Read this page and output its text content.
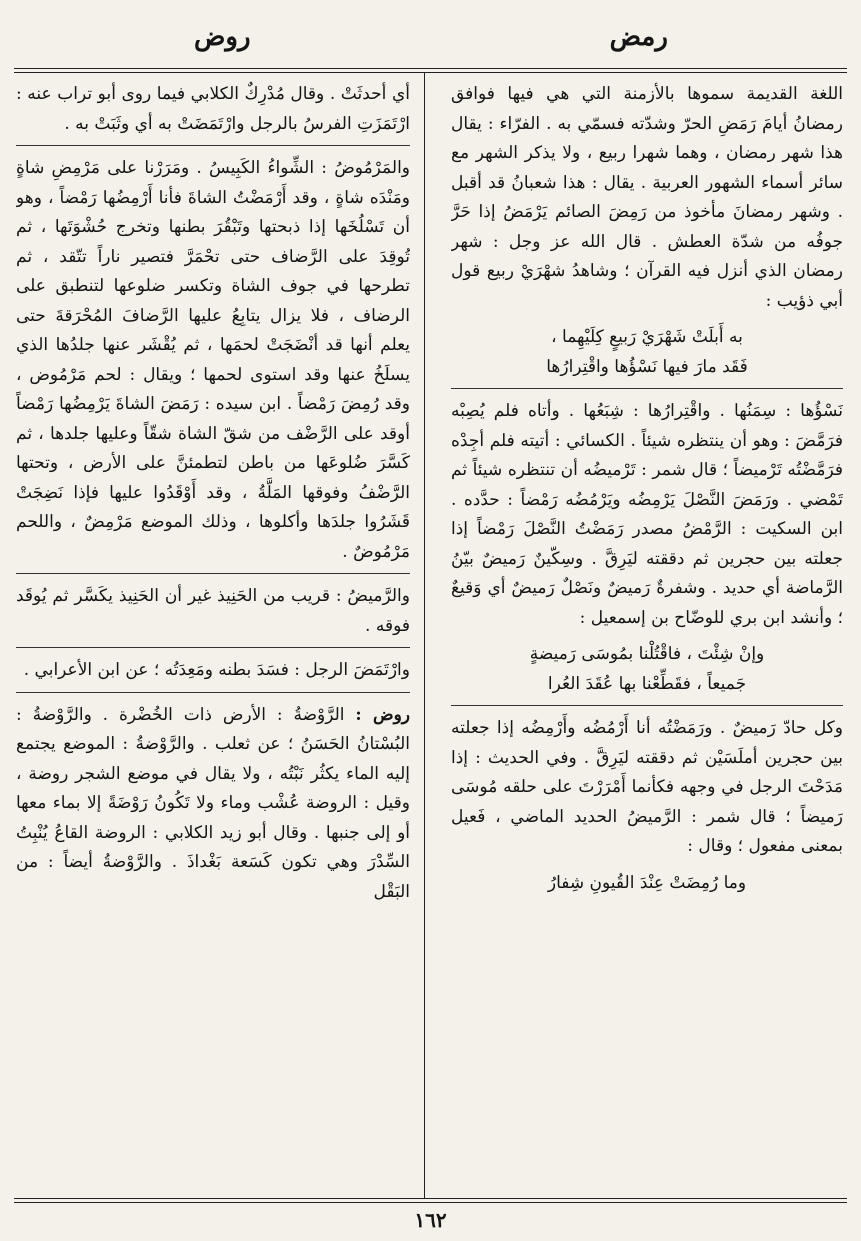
رمض
روض

اللغة القديمة سموها بالأزمنة التي هي فيها فوافق رمضانُ أيامَ رَمَضِ الحرّ وشدّته فسمّي به . الفرّاء : يقال هذا شهر رمضان ، وهما شهرا ربيع ، ولا يذكر الشهر مع سائر أسماء الشهور العربية . يقال : هذا شعبانُ قد أقبل . وشهر رمضانَ مأخوذ من رَمِضَ الصائم يَرْمَضُ إذا حَرَّ جوفُه من شدّة العطش . قال الله عز وجل : شهر رمضان الذي أنزل فيه القرآن ؛ وشاهدُ شهْرَيْ ربيع قول أبي ذؤيب :

به أَبلَتْ شَهْرَيْ رَبيعٍ كِلَيْهِما ،
فَقَد مارَ فيها نَسْؤُها واقْتِرارُها

نَسْؤُها : سِمَنُها . واقْتِرارُها : شِبَعُها . وأتاه فلم يُصِبْه فرَمَّضَ : وهو أن ينتظره شيئاً . الكسائي : أتيته فلم أجِدْه فرَمَّضْتُه تَرْميضاً ؛ قال شمر : تَرْميضُه أن تنتظره شيئاً ثم تَمْضي . ورَمَضَ النَّصْلَ يَرْمِضُه ويَرْمُضُه رَمْضاً : حدَّده . ابن السكيت : الرَّمْضُ مصدر رَمَضْتُ النَّصْلَ رَمْضاً إذا جعلته بين حجرين ثم دققته ليَرِقَّ . وسِكّينٌ رَميضٌ بيّنُ الرَّماضة أي حديد . وشفرةٌ رَميضٌ ونَصْلٌ رَميضٌ أي وَقيعٌ ؛ وأنشد ابن بري للوضّاح بن إسمعيل :

وإنْ شِئْتَ ، فاقْتُلْنا بمُوسَى رَميضةٍ
جَميعاً ، فقَطِّعْنا بها عُقَدَ العُرا

وكل حادّ رَميضٌ . ورَمَضْتُه أنا أَرْمُضُه وأَرْمِضُه إذا جعلته بين حجرين أملَسَيْن ثم دققته ليَرِقَّ . وفي الحديث : إذا مَدَحْتَ الرجل في وجهه فكأنما أَمْرَرْتَ على حلقه مُوسَى رَميضاً ؛ قال شمر : الرَّميضُ الحديد الماضي ، فَعيل بمعنى مفعول ؛ وقال :

وما رُمِضَتْ عِنْدَ القُيونِ شِفارُ

أي أحدثَتْ . وقال مُدْرِكٌ الكلابي فيما روى أبو تراب عنه : ارْتَمَزَتِ الفرسُ بالرجل وارْتَمَضَتْ به أي وثَبَتْ به .

والمَرْمُوضُ : الشِّواءُ الكَبِيسُ . ومَرَرْنا على مَرْمِضِ شاةٍ ومَنْدَه شاةٍ ، وقد أَرْمَضْتُ الشاةَ فأنا أَرْمِضُها رَمْضاً ، وهو أن تَسْلُخَها إذا ذبحتها وتَبْقُرَ بطنها وتخرج حُشْوَتَها ، ثم تُوقِدَ على الرَّضاف حتى تحْمَرَّ فتصير ناراً تتّقد ، ثم تطرحها في جوف الشاة وتكسر ضلوعها لتنطبق على الرضاف ، فلا يزال يتابِعُ عليها الرَّضافَ المُحْرَقةَ حتى يعلم أنها قد أنْضَجَتْ لحمَها ، ثم يُقْشَر عنها جلدُها الذي يسلَخُ عنها وقد استوى لحمها ؛ ويقال : لحم مَرْمُوض ، وقد رُمِضَ رَمْضاً . ابن سيده : رَمَضَ الشاةَ يَرْمِضُها رَمْضاً أوقد على الرَّضْف من شقّ الشاة شقّاً وعليها جلدها ، ثم كَسَّرَ ضُلوعَها من باطن لتطمئنَّ على الأرض ، وتحتها الرَّضْفُ وفوقها المَلَّةُ ، وقد أَوْقَدُوا عليها فإذا نَضِجَتْ قَشَرُوا جلدَها وأكلوها ، وذلك الموضع مَرْمِضٌ ، واللحم مَرْمُوضٌ .

والرَّميضُ : قريب من الحَنِيذ غير أن الحَنِيذ يكَسَّر ثم يُوقَد فوقه .

وارْتَمَضَ الرجل : فسَدَ بطنه ومَعِدَتُه ؛ عن ابن الأعرابي .

روض : الرَّوْضةُ : الأرض ذات الخُضْرة . والرَّوْضةُ : البُسْتانُ الحَسَنُ ؛ عن ثعلب . والرَّوْضةُ : الموضع يجتمع إليه الماء يكثُر نَبْتُه ، ولا يقال في موضع الشجر روضة ، وقيل : الروضة عُشْب وماء ولا تَكُونُ رَوْضَةً إلا بماء معها أو إلى جنبها . وقال أبو زيد الكلابي : الروضة القاعُ يُنْبِتُ السِّدْرَ وهي تكون كَسَعة بَغْداذَ . والرَّوْضةُ أيضاً : من البَقْل

١٦٢
